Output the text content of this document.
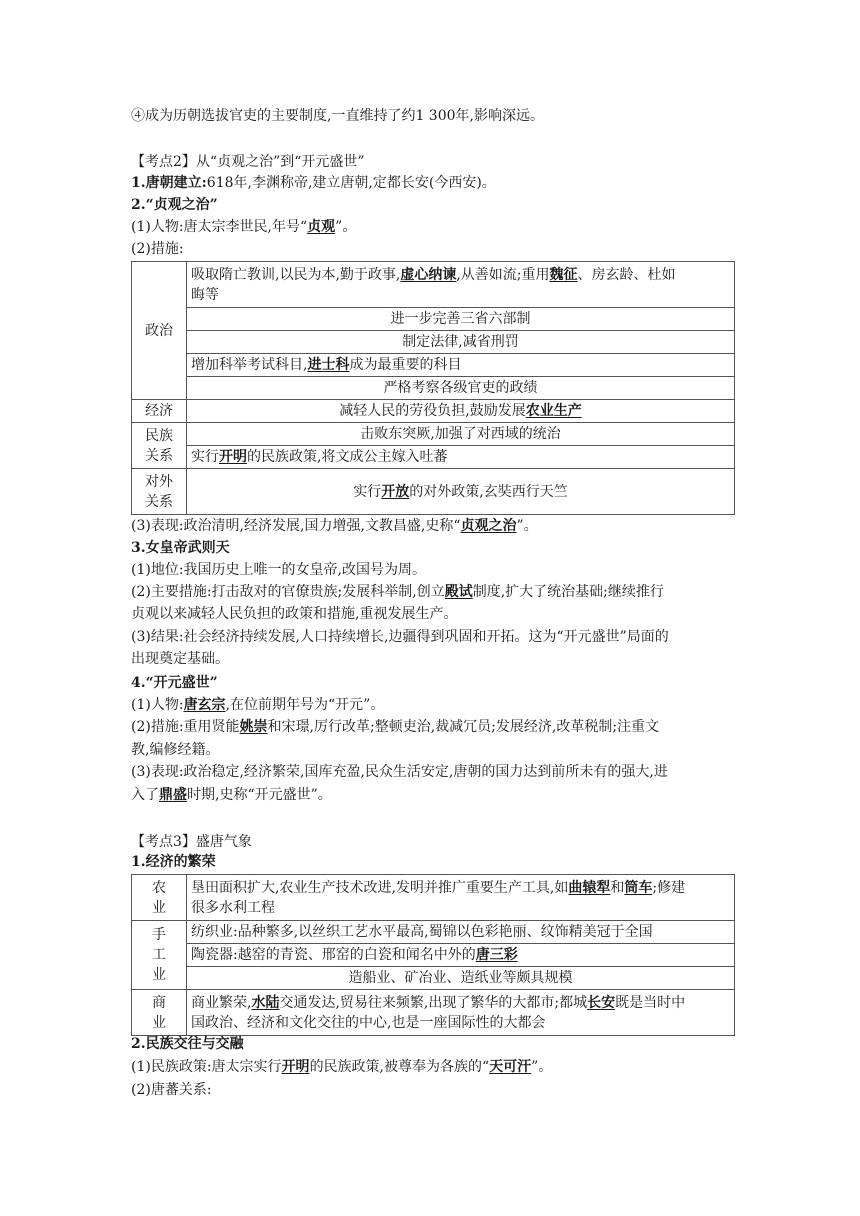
④成为历朝选拔官吏的主要制度,一直维持了约1 300年,影响深远。
【考点2】从“贞观之治”到“开元盛世”
1.唐朝建立:618年,李渊称帝,建立唐朝,定都长安(今西安)。
2.“贞观之治”
(1)人物:唐太宗李世民,年号“贞观”。
(2)措施:
政治	吸取隋亡教训,以民为本,勤于政事,虚心纳谏,从善如流;重用魏征、房玄龄、杜如
晦等
	进一步完善三省六部制
	制定法律,减省刑罚
	增加科举考试科目,进士科成为最重要的科目
	严格考察各级官吏的政绩
经济	减轻人民的劳役负担,鼓励发展农业生产
民族
关系	击败东突厥,加强了对西域的统治
	实行开明的民族政策,将文成公主嫁入吐蕃
对外
关系	实行开放的对外政策,玄奘西行天竺
(3)表现:政治清明,经济发展,国力增强,文教昌盛,史称“贞观之治”。
3.女皇帝武则天
(1)地位:我国历史上唯一的女皇帝,改国号为周。
(2)主要措施:打击敌对的官僚贵族;发展科举制,创立殿试制度,扩大了统治基础;继续推行
贞观以来减轻人民负担的政策和措施,重视发展生产。
(3)结果:社会经济持续发展,人口持续增长,边疆得到巩固和开拓。这为“开元盛世”局面的
出现奠定基础。
4.“开元盛世”
(1)人物:唐玄宗,在位前期年号为“开元”。
(2)措施:重用贤能姚崇和宋璟,厉行改革;整顿吏治,裁减冗员;发展经济,改革税制;注重文
教,编修经籍。
(3)表现:政治稳定,经济繁荣,国库充盈,民众生活安定,唐朝的国力达到前所未有的强大,进
入了鼎盛时期,史称“开元盛世”。
【考点3】盛唐气象
1.经济的繁荣
农
业	垦田面积扩大,农业生产技术改进,发明并推广重要生产工具,如曲辕犁和筒车;修建
很多水利工程
手
工
业	纺织业:品种繁多,以丝织工艺水平最高,蜀锦以色彩艳丽、纹饰精美冠于全国
	陶瓷器:越窑的青瓷、邢窑的白瓷和闻名中外的唐三彩
	造船业、矿冶业、造纸业等颇具规模
商
业	商业繁荣,水陆交通发达,贸易往来频繁,出现了繁华的大都市;都城长安既是当时中
国政治、经济和文化交往的中心,也是一座国际性的大都会
2.民族交往与交融
(1)民族政策:唐太宗实行开明的民族政策,被尊奉为各族的“天可汗”。
(2)唐蕃关系:
